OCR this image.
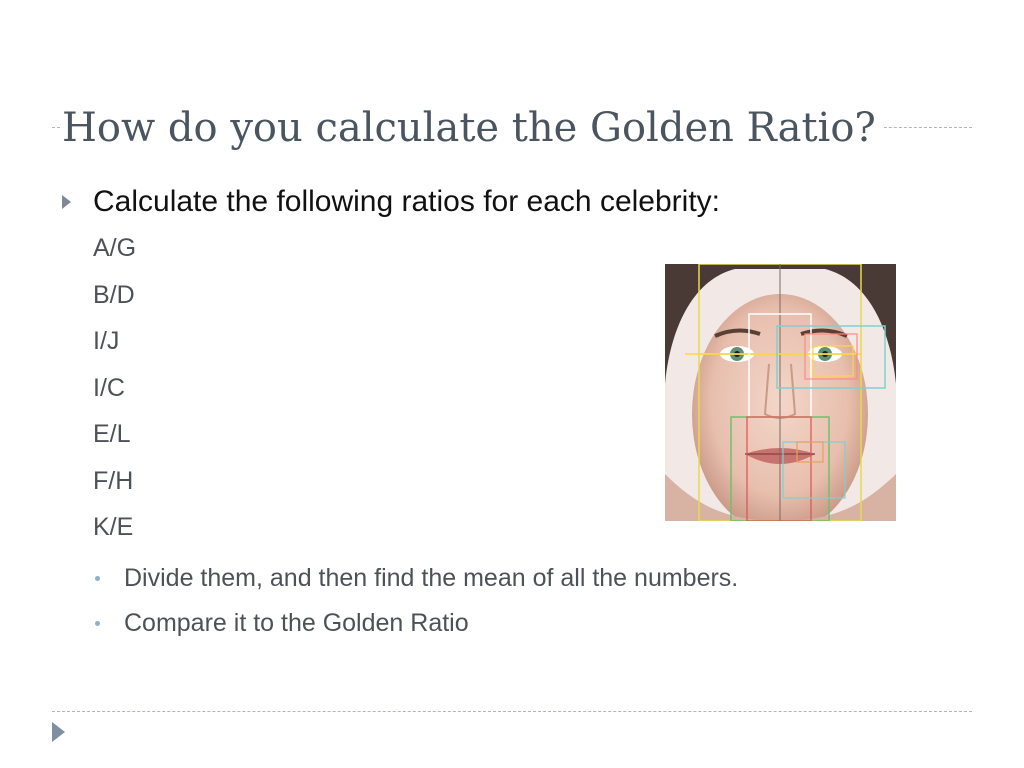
How do you calculate the Golden Ratio?
Calculate the following ratios for each celebrity:
A/G
B/D
I/J
I/C
E/L
F/H
K/E
Divide them, and then find the mean of all the numbers.
Compare it to the Golden Ratio
